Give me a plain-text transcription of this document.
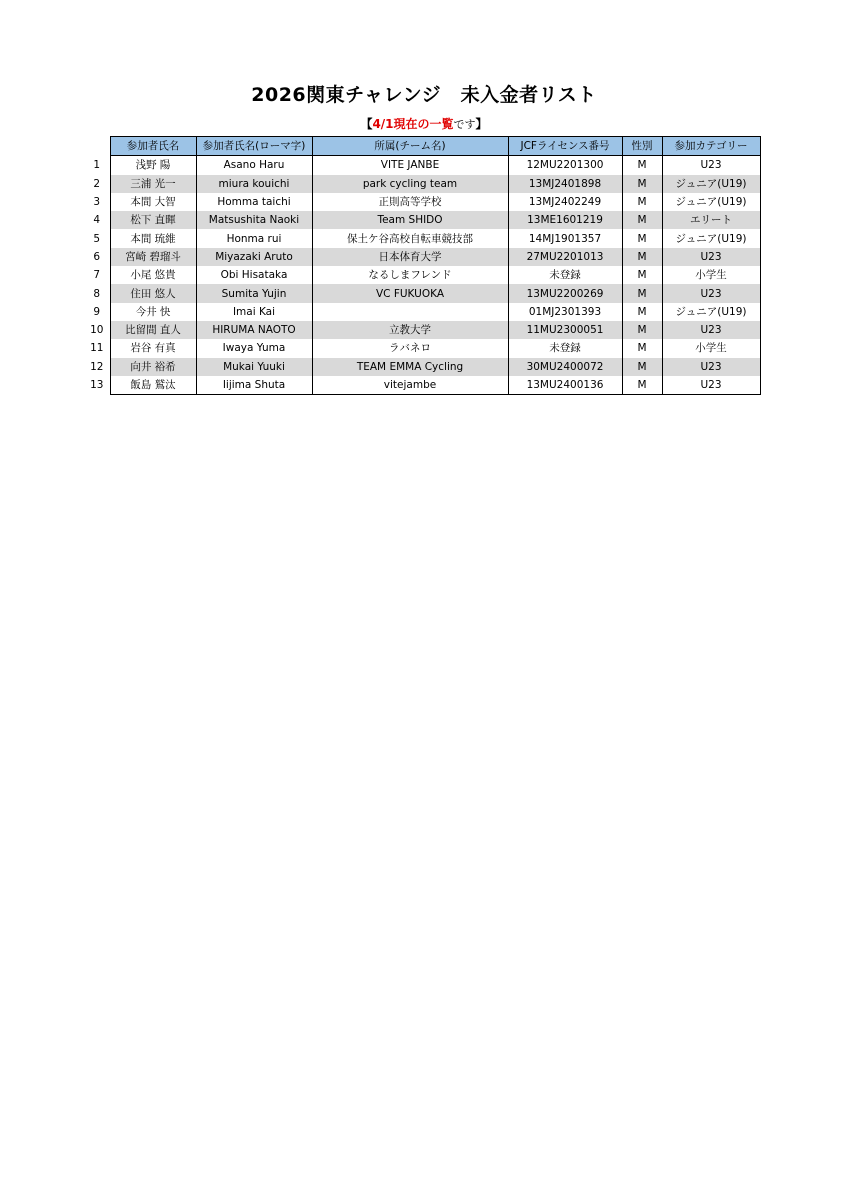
2026関東チャレンジ　未入金者リスト
【4/1現在の一覧です】
	参加者氏名	参加者氏名(ローマ字)	所属(チーム名)	JCFライセンス番号	性別	参加カテゴリー
1	浅野 陽	Asano Haru	VITE JANBE	12MU2201300	M	U23
2	三浦 光一	miura kouichi	park cycling team	13MJ2401898	M	ジュニア(U19)
3	本間 大智	Homma taichi	正則高等学校	13MJ2402249	M	ジュニア(U19)
4	松下 直暉	Matsushita Naoki	Team SHIDO	13ME1601219	M	エリート
5	本間 琉維	Honma rui	保土ケ谷高校自転車競技部	14MJ1901357	M	ジュニア(U19)
6	宮崎 碧瑠斗	Miyazaki Aruto	日本体育大学	27MU2201013	M	U23
7	小尾 悠貴	Obi Hisataka	なるしまフレンド	未登録	M	小学生
8	住田 悠人	Sumita Yujin	VC FUKUOKA	13MU2200269	M	U23
9	今井 快	Imai Kai		01MJ2301393	M	ジュニア(U19)
10	比留間 直人	HIRUMA NAOTO	立教大学	11MU2300051	M	U23
11	岩谷 有真	Iwaya Yuma	ラバネロ	未登録	M	小学生
12	向井 裕希	Mukai Yuuki	TEAM EMMA Cycling	30MU2400072	M	U23
13	飯島 鷲汰	Iijima Shuta	vitejambe	13MU2400136	M	U23
